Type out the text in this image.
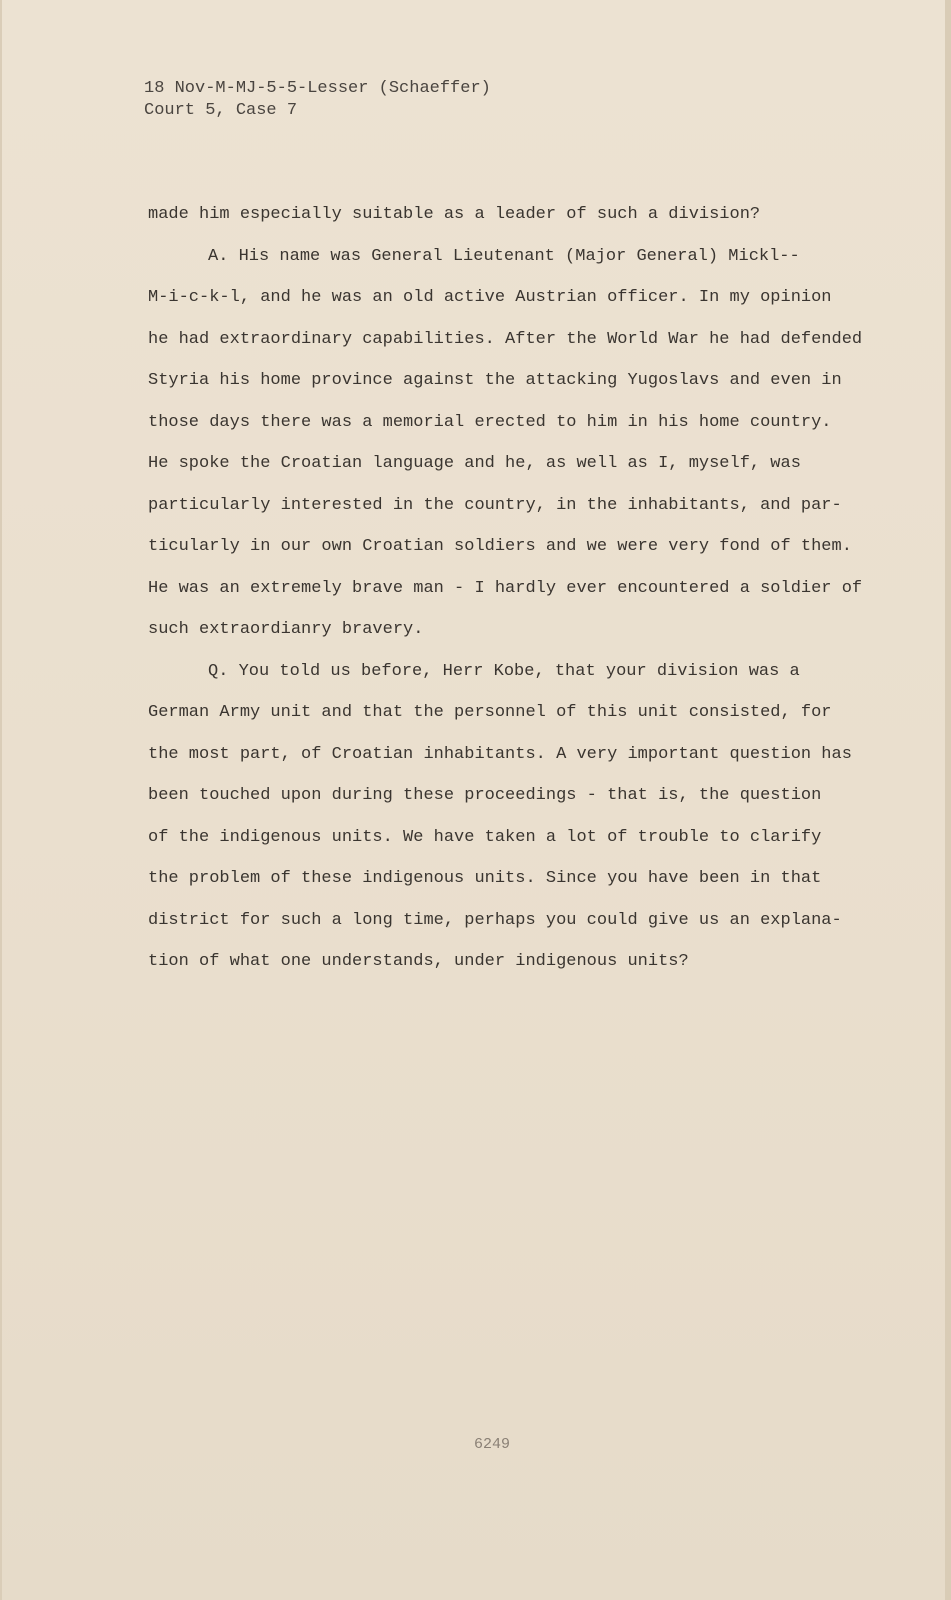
18 Nov-M-MJ-5-5-Lesser (Schaeffer)
Court 5, Case 7
made him especially suitable as a leader of such a division?
A. His name was General Lieutenant (Major General) Mickl--
M-i-c-k-l, and he was an old active Austrian officer. In my opinion
he had extraordinary capabilities. After the World War he had defended
Styria his home province against the attacking Yugoslavs and even in
those days there was a memorial erected to him in his home country.
He spoke the Croatian language and he, as well as I, myself, was
particularly interested in the country, in the inhabitants, and par-
ticularly in our own Croatian soldiers and we were very fond of them.
He was an extremely brave man - I hardly ever encountered a soldier of
such extraordianry bravery.
Q. You told us before, Herr Kobe, that your division was a
German Army unit and that the personnel of this unit consisted, for
the most part, of Croatian inhabitants. A very important question has
been touched upon during these proceedings - that is, the question
of the indigenous units. We have taken a lot of trouble to clarify
the problem of these indigenous units. Since you have been in that
district for such a long time, perhaps you could give us an explana-
tion of what one understands, under indigenous units?
6249
